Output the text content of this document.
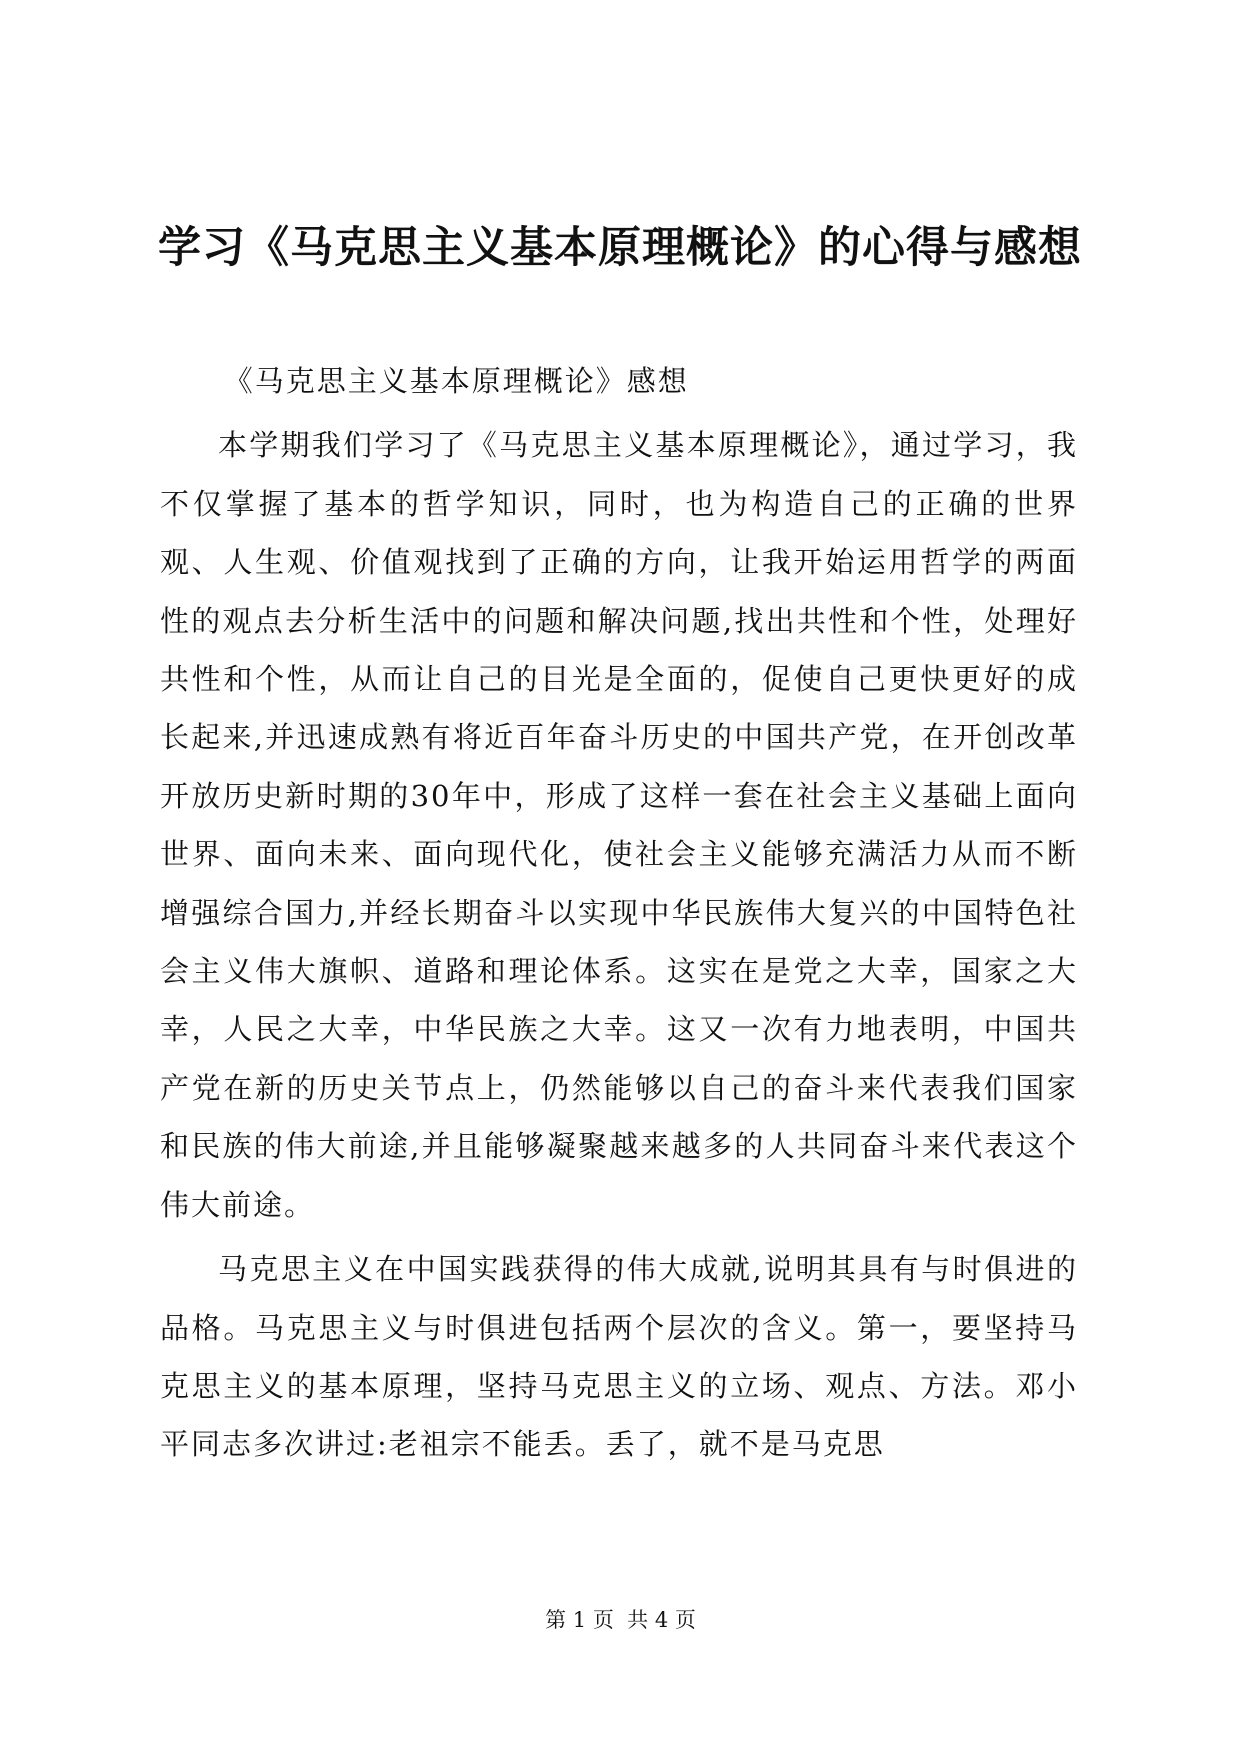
学习《马克思主义基本原理概论》的心得与感想

《马克思主义基本原理概论》感想

本学期我们学习了《马克思主义基本原理概论》，通过学习，我不仅掌握了基本的哲学知识，同时，也为构造自己的正确的世界观、人生观、价值观找到了正确的方向，让我开始运用哲学的两面性的观点去分析生活中的问题和解决问题,找出共性和个性，处理好共性和个性，从而让自己的目光是全面的，促使自己更快更好的成长起来,并迅速成熟有将近百年奋斗历史的中国共产党，在开创改革开放历史新时期的30年中，形成了这样一套在社会主义基础上面向世界、面向未来、面向现代化，使社会主义能够充满活力从而不断增强综合国力,并经长期奋斗以实现中华民族伟大复兴的中国特色社会主义伟大旗帜、道路和理论体系。这实在是党之大幸，国家之大幸，人民之大幸，中华民族之大幸。这又一次有力地表明，中国共产党在新的历史关节点上，仍然能够以自己的奋斗来代表我们国家和民族的伟大前途,并且能够凝聚越来越多的人共同奋斗来代表这个伟大前途。

马克思主义在中国实践获得的伟大成就,说明其具有与时俱进的品格。马克思主义与时俱进包括两个层次的含义。第一，要坚持马克思主义的基本原理，坚持马克思主义的立场、观点、方法。邓小平同志多次讲过:老祖宗不能丢。丢了，就不是马克思

第 1 页  共 4 页
